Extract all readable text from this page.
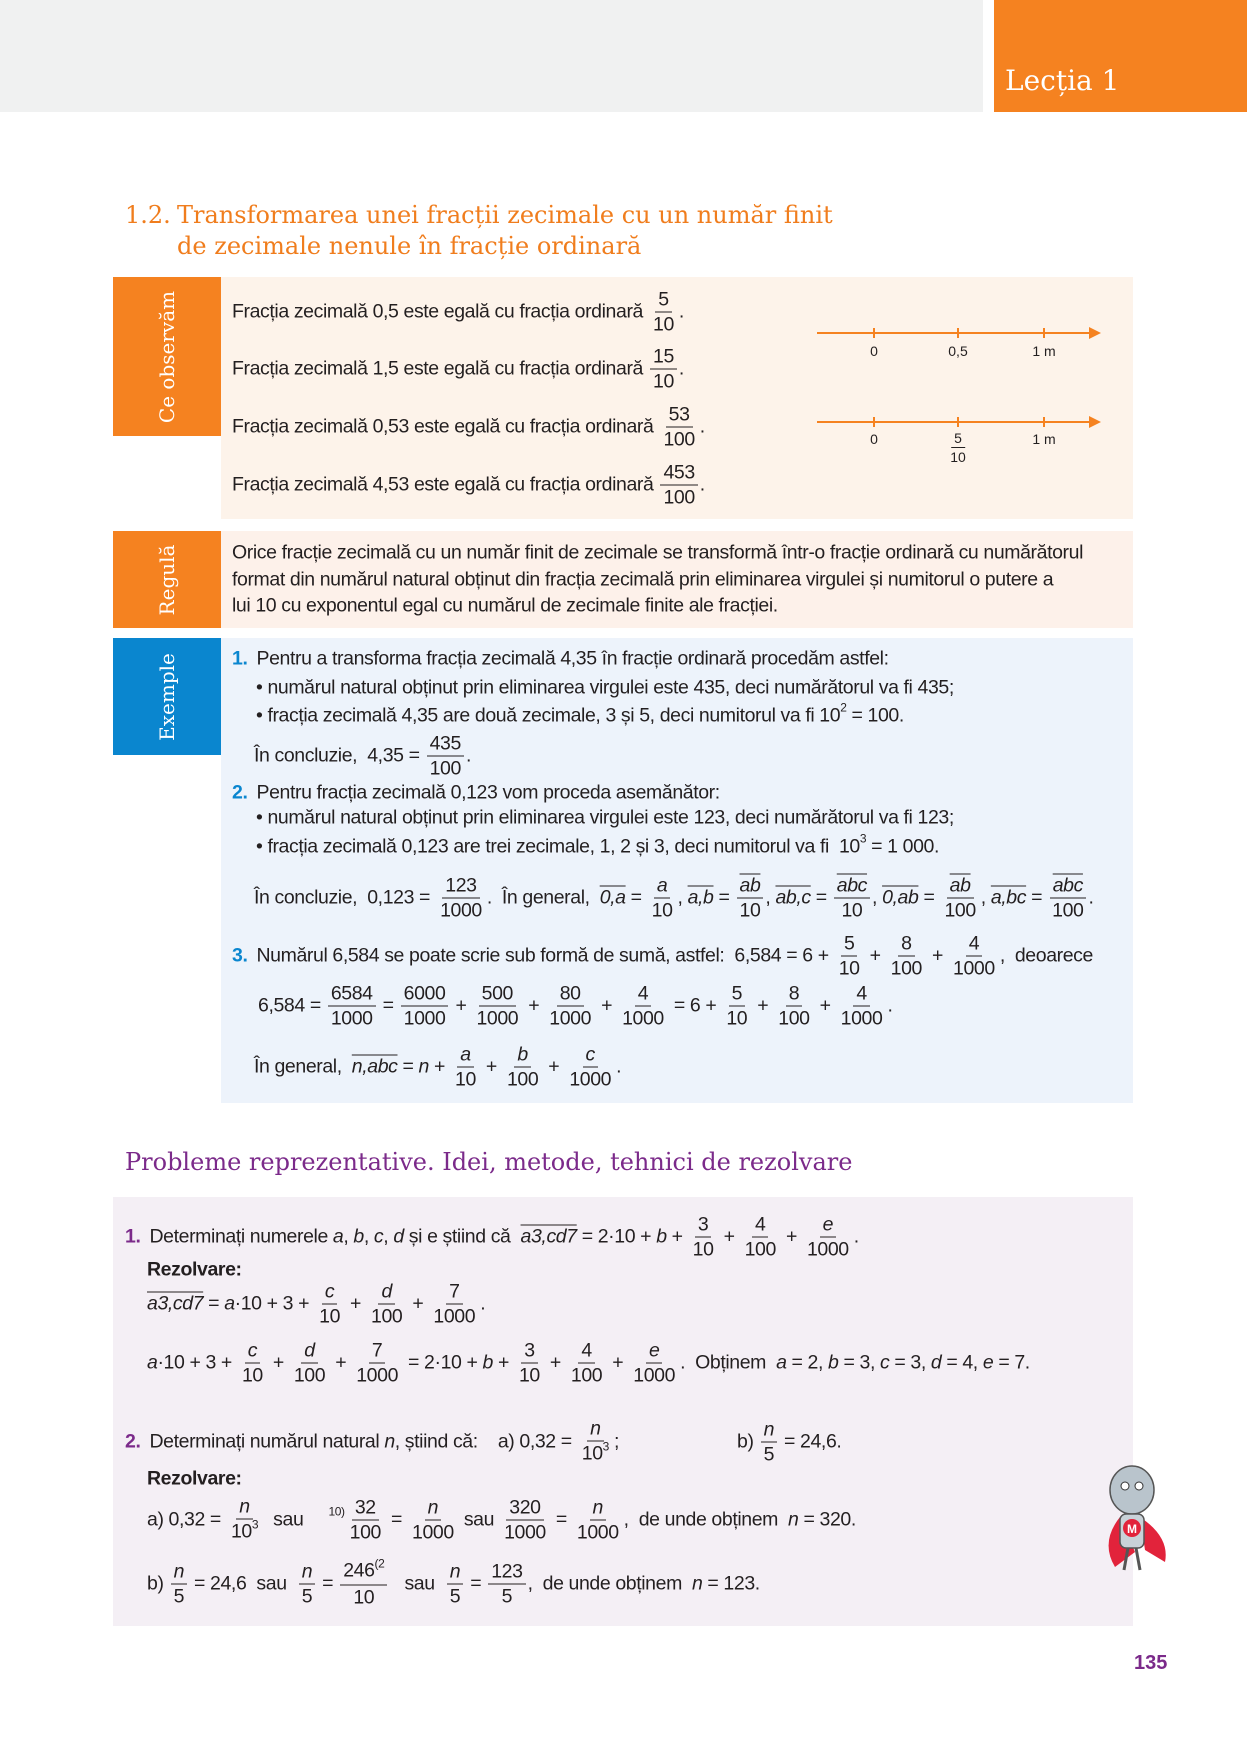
Lecția 1
1.2. Transformarea unei fracții zecimale cu un număr finit
de zecimale nenule în fracție ordinară
Ce observăm	Fracția zecimală 0,5 este egală cu fracția ordinară $\frac{5}{10}$ .
Fracția zecimală 1,5 este egală cu fracția ordinară $\frac{15}{10}$ .
Fracția zecimală 0,53 este egală cu fracția ordinară $\frac{53}{100}$ .
Fracția zecimală 4,53 este egală cu fracția ordinară $\frac{453}{100}$ .
0	0,5	1 m
0	$\frac{5}{10}$	1 m
Regulă	Orice fracție zecimală cu un număr finit de zecimale se transformă într-o fracție ordinară cu numărătorul
format din numărul natural obținut din fracția zecimală prin eliminarea virgulei și numitorul o putere a
lui 10 cu exponentul egal cu numărul de zecimale finite ale fracției.
Exemple	1. Pentru a transforma fracția zecimală 4,35 în fracție ordinară procedăm astfel:
• numărul natural obținut prin eliminarea virgulei este 435, deci numărătorul va fi 435;
• fracția zecimală 4,35 are două zecimale, 3 și 5, deci numitorul va fi 10 2 = 100.
În concluzie,  $4,35 = \frac{435}{100}$ .
2. Pentru fracția zecimală 0,123 vom proceda asemănător:
• numărul natural obținut prin eliminarea virgulei este 123, deci numărătorul va fi 123;
• fracția zecimală 0,123 are trei zecimale, 1, 2 și 3, deci numitorul va fi  10 3 = 1 000.
În concluzie,  $0,123 = \frac{123}{1000}$ .  În general, $0,a = \frac{a}{10}$ , $a,b = \frac{\overline{ab}}{10}$ , $ab,c = \frac{\overline{abc}}{10}$ , $0,ab = \frac{\overline{ab}}{100}$ , $a,bc = \frac{\overline{abc}}{100}$ .
3. Numărul 6,584 se poate scrie sub formă de sumă, astfel:  $6,584 = 6 + \frac{5}{10} + \frac{8}{100} + \frac{4}{1000}$ ,  deoarece
$6,584 = \frac{6584}{1000} = \frac{6000}{1000} + \frac{500}{1000} + \frac{80}{1000} + \frac{4}{1000} = 6 + \frac{5}{10} + \frac{8}{100} + \frac{4}{1000}$ .
În general, $n,abc = n + \frac{a}{10} + \frac{b}{100} + \frac{c}{1000}$ .
Probleme reprezentative. Idei, metode, tehnici de rezolvare
1. Determinați numerele a , b , c , d și e știind că $a3,cd7 = 2\cdot 10 + b + \frac{3}{10} + \frac{4}{100} + \frac{e}{1000}$ .
Rezolvare:
$a3,cd7 = a \cdot 10 + 3 + \frac{c}{10} + \frac{d}{100} + \frac{7}{1000}$ .
$a \cdot 10 + 3 + \frac{c}{10} + \frac{d}{100} + \frac{7}{1000} = 2\cdot 10 + b + \frac{3}{10} + \frac{4}{100} + \frac{e}{1000}$ .  Obținem a = 2, b = 3, c = 3, d = 4, e = 7.
2. Determinați numărul natural n , știind că:    a) $0,32 = \frac{n}{10^3}$ ;	$b) \frac{n}{5} = 24,6$.
Rezolvare:
a) $0,32 = \frac{n}{10^3}$ sau $10) \frac{32}{100} = \frac{n}{1000}$ sau $\frac{320}{1000} = \frac{n}{1000}$ ,  de unde obținem n = 320.
$b) \frac{n}{5} = 24,6$  sau $\frac{n}{5} = \frac{246^{(2}}{10}$ sau $\frac{n}{5} = \frac{123}{5}$ ,  de unde obținem n = 123.
M
135
